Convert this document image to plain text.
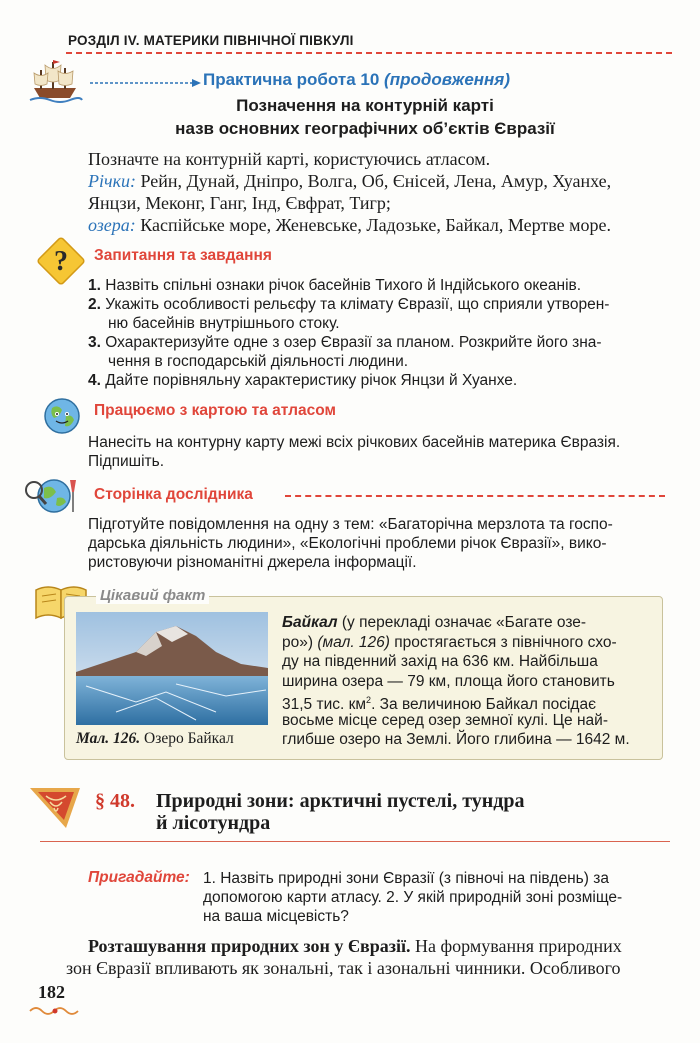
РОЗДІЛ IV. МАТЕРИКИ ПІВНІЧНОЇ ПІВКУЛІ
Практична робота 10 (продовження)
Позначення на контурній карті
назв основних географічних об’єктів Євразії
Позначте на контурній карті, користуючись атласом.
Річки: Рейн, Дунай, Дніпро, Волга, Об, Єнісей, Лена, Амур, Хуанхе,
Янцзи, Меконг, Ганг, Інд, Євфрат, Тигр;
озера: Каспійське море, Женевське, Ладозьке, Байкал, Мертве море.
? Запитання та завдання
1. Назвіть спільні ознаки річок басейнів Тихого й Індійського океанів.
2. Укажіть особливості рельєфу та клімату Євразії, що сприяли утворен-
ню басейнів внутрішнього стоку.
3. Охарактеризуйте одне з озер Євразії за планом. Розкрийте його зна-
чення в господарській діяльності людини.
4. Дайте порівняльну характеристику річок Янцзи й Хуанхе.
Працюємо з картою та атласом
Нанесіть на контурну карту межі всіх річкових басейнів материка Євразія.
Підпишіть.
Сторінка дослідника
Підготуйте повідомлення на одну з тем: «Багаторічна мерзлота та госпо-
дарська діяльність людини», «Екологічні проблеми річок Євразії», вико-
ристовуючи різноманітні джерела інформації.
Цікавий факт
Мал. 126. Озеро Байкал
Байкал (у перекладі означає «Багате озе-
ро») (мал. 126) простягається з північного схо-
ду на південний захід на 636 км. Найбільша
ширина озера — 79 км, площа його становить
31,5 тис. $км^2$. За величиною Байкал посідає
восьме місце серед озер земної кулі. Це най-
глибше озеро на Землі. Його глибина — 1642 м.
§ 48. Природні зони: арктичні пустелі, тундра
й лісотундра
Пригадайте: 1. Назвіть природні зони Євразії (з півночі на південь) за
допомогою карти атласу. 2. У якій природній зоні розміще-
на ваша місцевість?
Розташування природних зон у Євразії. На формування природних
зон Євразії впливають як зональні, так і азональні чинники. Особливого
182
